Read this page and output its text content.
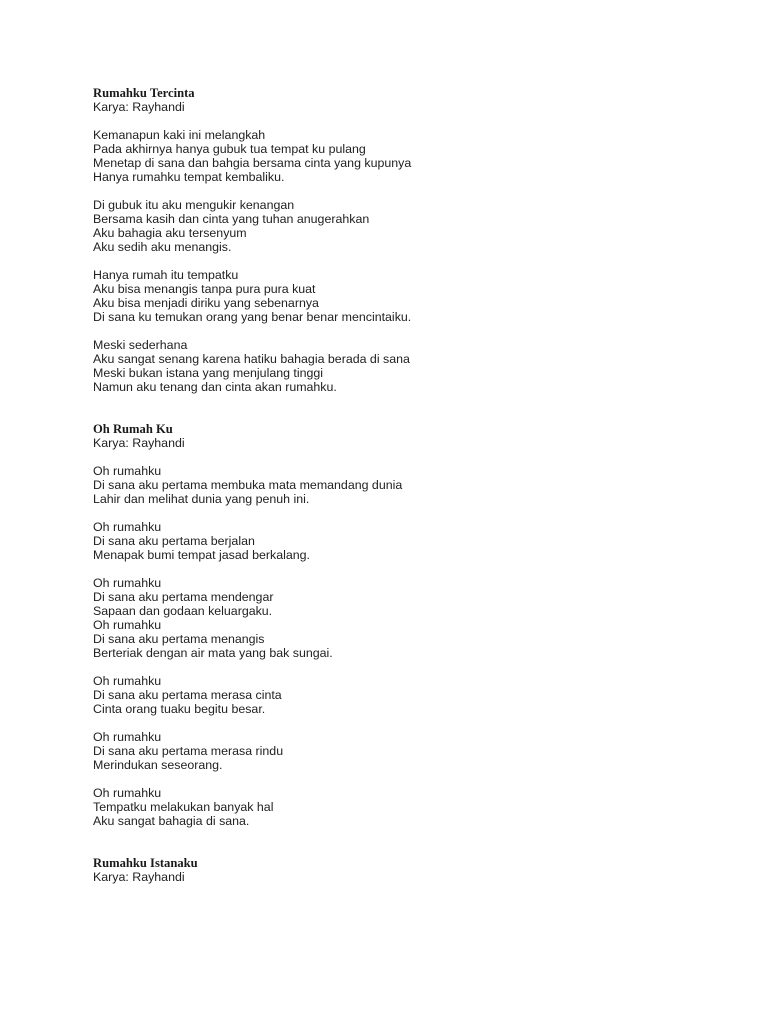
Rumahku Tercinta

Karya: Rayhandi

Kemanapun kaki ini melangkah
Pada akhirnya hanya gubuk tua tempat ku pulang
Menetap di sana dan bahgia bersama cinta yang kupunya
Hanya rumahku tempat kembaliku.

Di gubuk itu aku mengukir kenangan
Bersama kasih dan cinta yang tuhan anugerahkan
Aku bahagia aku tersenyum
Aku sedih aku menangis.

Hanya rumah itu tempatku
Aku bisa menangis tanpa pura pura kuat
Aku bisa menjadi diriku yang sebenarnya
Di sana ku temukan orang yang benar benar mencintaiku.

Meski sederhana
Aku sangat senang karena hatiku bahagia berada di sana
Meski bukan istana yang menjulang tinggi
Namun aku tenang dan cinta akan rumahku.

Oh Rumah Ku

Karya: Rayhandi

Oh rumahku
Di sana aku pertama membuka mata memandang dunia
Lahir dan melihat dunia yang penuh ini.

Oh rumahku
Di sana aku pertama berjalan
Menapak bumi tempat jasad berkalang.

Oh rumahku
Di sana aku pertama mendengar
Sapaan dan godaan keluargaku.
Oh rumahku
Di sana aku pertama menangis
Berteriak dengan air mata yang bak sungai.

Oh rumahku
Di sana aku pertama merasa cinta
Cinta orang tuaku begitu besar.

Oh rumahku
Di sana aku pertama merasa rindu
Merindukan seseorang.

Oh rumahku
Tempatku melakukan banyak hal
Aku sangat bahagia di sana.

Rumahku Istanaku

Karya: Rayhandi
